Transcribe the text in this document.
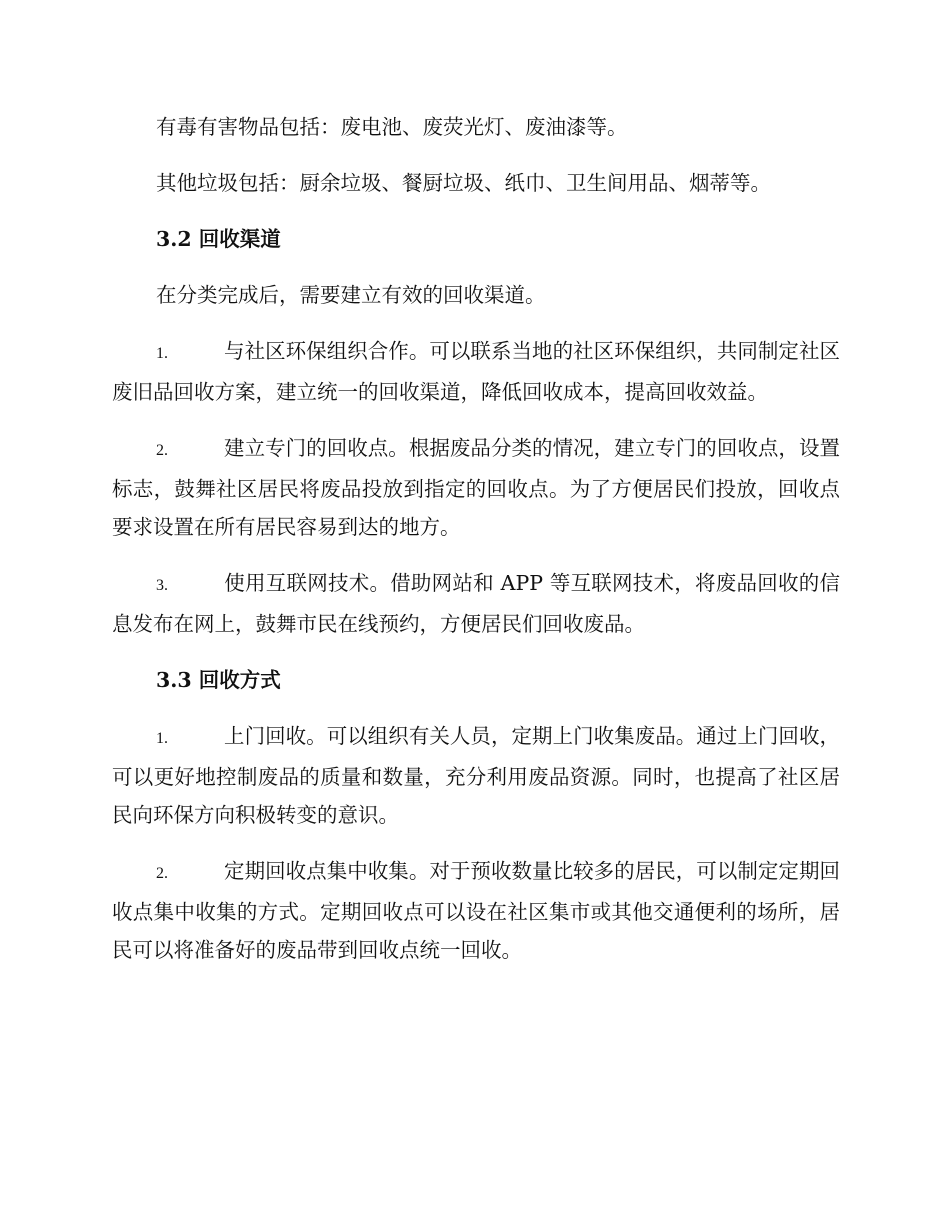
有毒有害物品包括：废电池、废荧光灯、废油漆等。

其他垃圾包括：厨余垃圾、餐厨垃圾、纸巾、卫生间用品、烟蒂等。

3.2 回收渠道

在分类完成后，需要建立有效的回收渠道。

1.	与社区环保组织合作。可以联系当地的社区环保组织，共同制定社区废旧品回收方案，建立统一的回收渠道，降低回收成本，提高回收效益。

2.	建立专门的回收点。根据废品分类的情况，建立专门的回收点，设置标志，鼓舞社区居民将废品投放到指定的回收点。为了方便居民们投放，回收点要求设置在所有居民容易到达的地方。

3.	使用互联网技术。借助网站和 APP 等互联网技术，将废品回收的信息发布在网上，鼓舞市民在线预约，方便居民们回收废品。

3.3 回收方式

1.	上门回收。可以组织有关人员，定期上门收集废品。通过上门回收，可以更好地控制废品的质量和数量，充分利用废品资源。同时，也提高了社区居民向环保方向积极转变的意识。

2.	定期回收点集中收集。对于预收数量比较多的居民，可以制定定期回收点集中收集的方式。定期回收点可以设在社区集市或其他交通便利的场所，居民可以将准备好的废品带到回收点统一回收。
